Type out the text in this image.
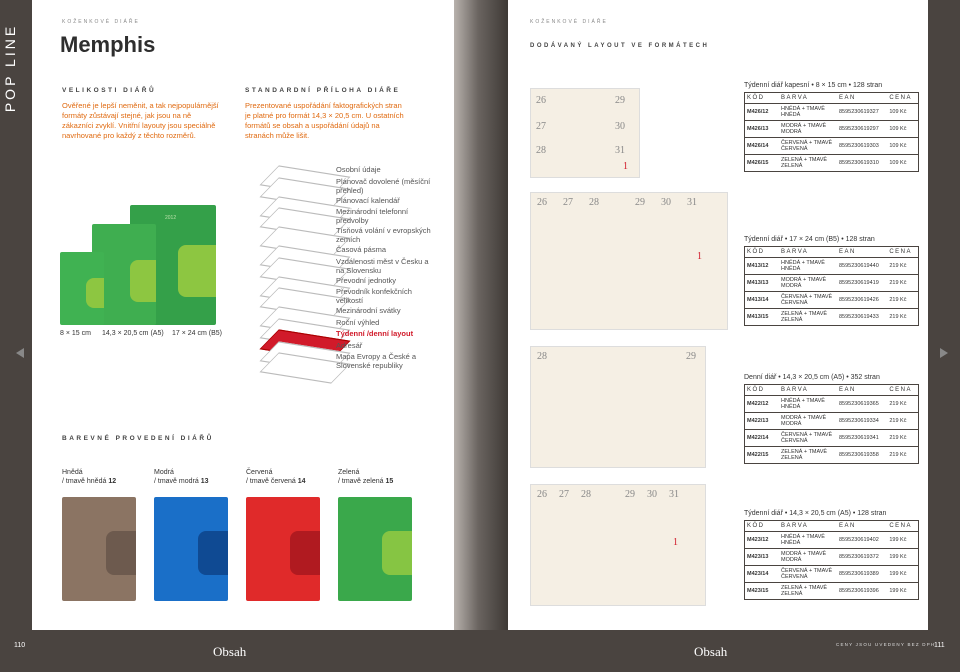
POP LINE
KOŽENKOVÉ DIÁŘE
Memphis
VELIKOSTI DIÁŘŮ
Ověřené je lepší neměnit, a tak nejpopulárnější formáty zůstávají stejné, jak jsou na ně zákazníci zvyklí. Vnitřní layouty jsou speciálně navrhované pro každý z těchto rozměrů.
STANDARDNÍ PŘÍLOHA DIÁŘE
Prezentované uspořádání faktografických stran je platné pro formát 14,3 × 20,5 cm. U ostatních formátů se obsah a uspořádání údajů na stranách může lišit.
2012
8 × 15 cm 14,3 × 20,5 cm (A5) 17 × 24 cm (B5)
Osobní údaje
Plánovač dovolené (měsíční přehled)
Plánovací kalendář
Mezinárodní telefonní předvolby
Tísňová volání v evropských zemích
Časová pásma
Vzdálenosti měst v Česku a na Slovensku
Převodní jednotky
Převodník konfekčních velikostí
Mezinárodní svátky
Roční výhled
Týdenní /denní layout
Adresář
Mapa Evropy a České a Slovenské republiky
BAREVNÉ PROVEDENÍ DIÁŘŮ
Hnědá
/ tmavě hnědá 12
Modrá
/ tmavě modrá 13
Červená
/ tmavě červená 14
Zelená
/ tmavě zelená 15
KOŽENKOVÉ DIÁŘE
DODÁVANÝ LAYOUT VE FORMÁTECH
26	29
27	30
28	31
1
26 27 28	29 30 31
1
28	29
26 27 28	29 30 31
1
Týdenní diář kapesní • 8 × 15 cm • 128 stran
KÓD	BARVA	EAN	CENA
M426/12	HNĚDÁ + TMAVĚ HNĚDÁ	8595230619327	109 Kč
M426/13	MODRÁ + TMAVĚ MODRÁ	8595230619297	109 Kč
M426/14	ČERVENÁ + TMAVĚ ČERVENÁ	8595230619303	109 Kč
M426/15	ZELENÁ + TMAVĚ ZELENÁ	8595230619310	109 Kč
Týdenní diář • 17 × 24 cm (B5) • 128 stran
KÓD	BARVA	EAN	CENA
M413/12	HNĚDÁ + TMAVĚ HNĚDÁ	8595230619440	219 Kč
M413/13	MODRÁ + TMAVĚ MODRÁ	8595230619419	219 Kč
M413/14	ČERVENÁ + TMAVĚ ČERVENÁ	8595230619426	219 Kč
M413/15	ZELENÁ + TMAVĚ ZELENÁ	8595230619433	219 Kč
Denní diář • 14,3 × 20,5 cm (A5) • 352 stran
KÓD	BARVA	EAN	CENA
M422/12	HNĚDÁ + TMAVĚ HNĚDÁ	8595230619365	219 Kč
M422/13	MODRÁ + TMAVĚ MODRÁ	8595230619334	219 Kč
M422/14	ČERVENÁ + TMAVĚ ČERVENÁ	8595230619341	219 Kč
M422/15	ZELENÁ + TMAVĚ ZELENÁ	8595230619358	219 Kč
Týdenní diář • 14,3 × 20,5 cm (A5) • 128 stran
KÓD	BARVA	EAN	CENA
M423/12	HNĚDÁ + TMAVĚ HNĚDÁ	8595230619402	199 Kč
M423/13	MODRÁ + TMAVĚ MODRÁ	8595230619372	199 Kč
M423/14	ČERVENÁ + TMAVĚ ČERVENÁ	8595230619389	199 Kč
M423/15	ZELENÁ + TMAVĚ ZELENÁ	8595230619396	199 Kč
110	Obsah	Obsah	CENY JSOU UVEDENY BEZ DPH
111
